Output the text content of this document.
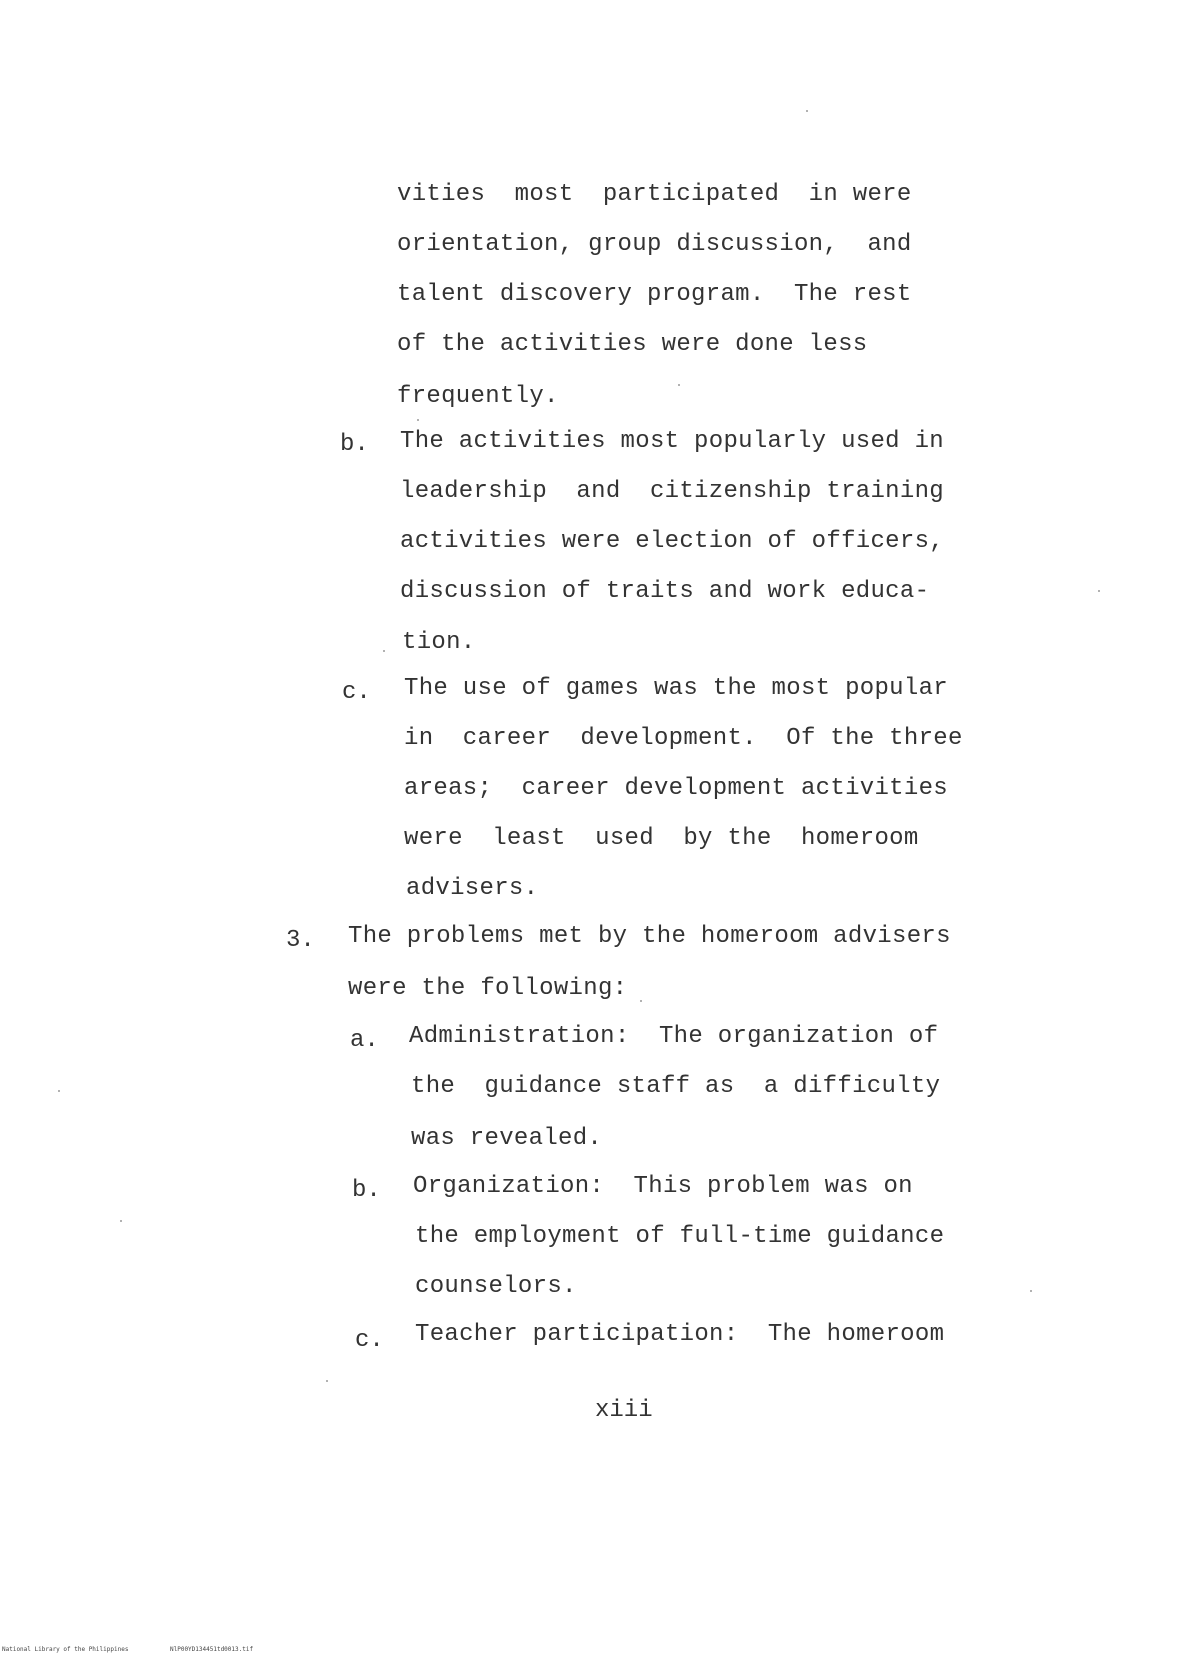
vities  most  participated  in were
orientation, group discussion,  and
talent discovery program.  The rest
of the activities were done less
frequently.
b. The activities most popularly used in
leadership  and  citizenship training
activities were election of officers,
discussion of traits and work educa-
tion.
c. The use of games was the most popular
in  career  development.  Of the three
areas;  career development activities
were  least  used  by the  homeroom
advisers.
3. The problems met by the homeroom advisers
were the following:
a. Administration:  The organization of
the  guidance staff as  a difficulty
was revealed.
b. Organization:  This problem was on
the employment of full-time guidance
counselors.
c. Teacher participation:  The homeroom
xiii
National Library of the Philippines	NlP00YD134451td0013.tif
